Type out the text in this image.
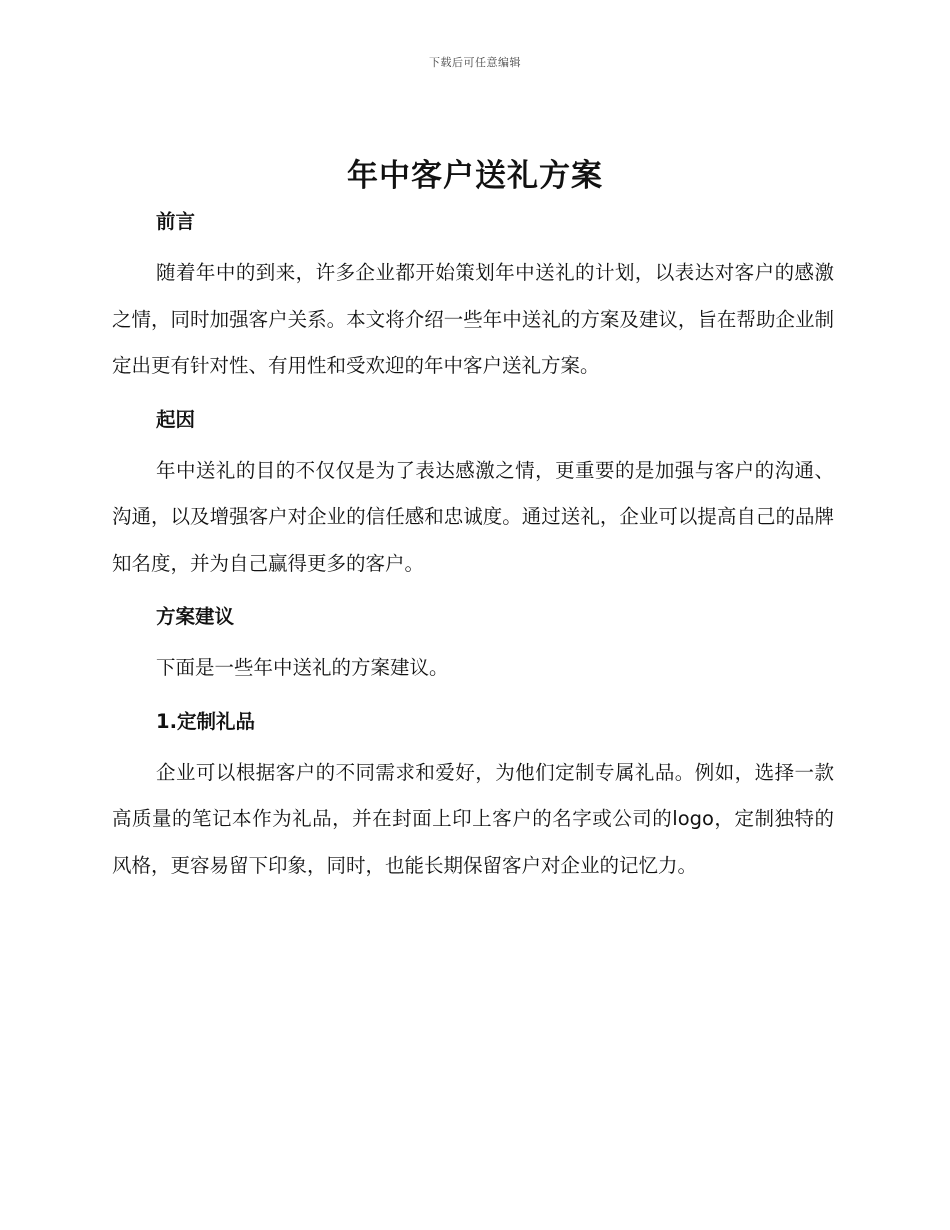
下载后可任意编辑
年中客户送礼方案
前言

随着年中的到来，许多企业都开始策划年中送礼的计划，以表达对客户的感激之情，同时加强客户关系。本文将介绍一些年中送礼的方案及建议，旨在帮助企业制定出更有针对性、有用性和受欢迎的年中客户送礼方案。

起因

年中送礼的目的不仅仅是为了表达感激之情，更重要的是加强与客户的沟通、沟通，以及增强客户对企业的信任感和忠诚度。通过送礼，企业可以提高自己的品牌知名度，并为自己赢得更多的客户。

方案建议

下面是一些年中送礼的方案建议。

1.定制礼品

企业可以根据客户的不同需求和爱好，为他们定制专属礼品。例如，选择一款高质量的笔记本作为礼品，并在封面上印上客户的名字或公司的logo，定制独特的风格，更容易留下印象，同时，也能长期保留客户对企业的记忆力。
